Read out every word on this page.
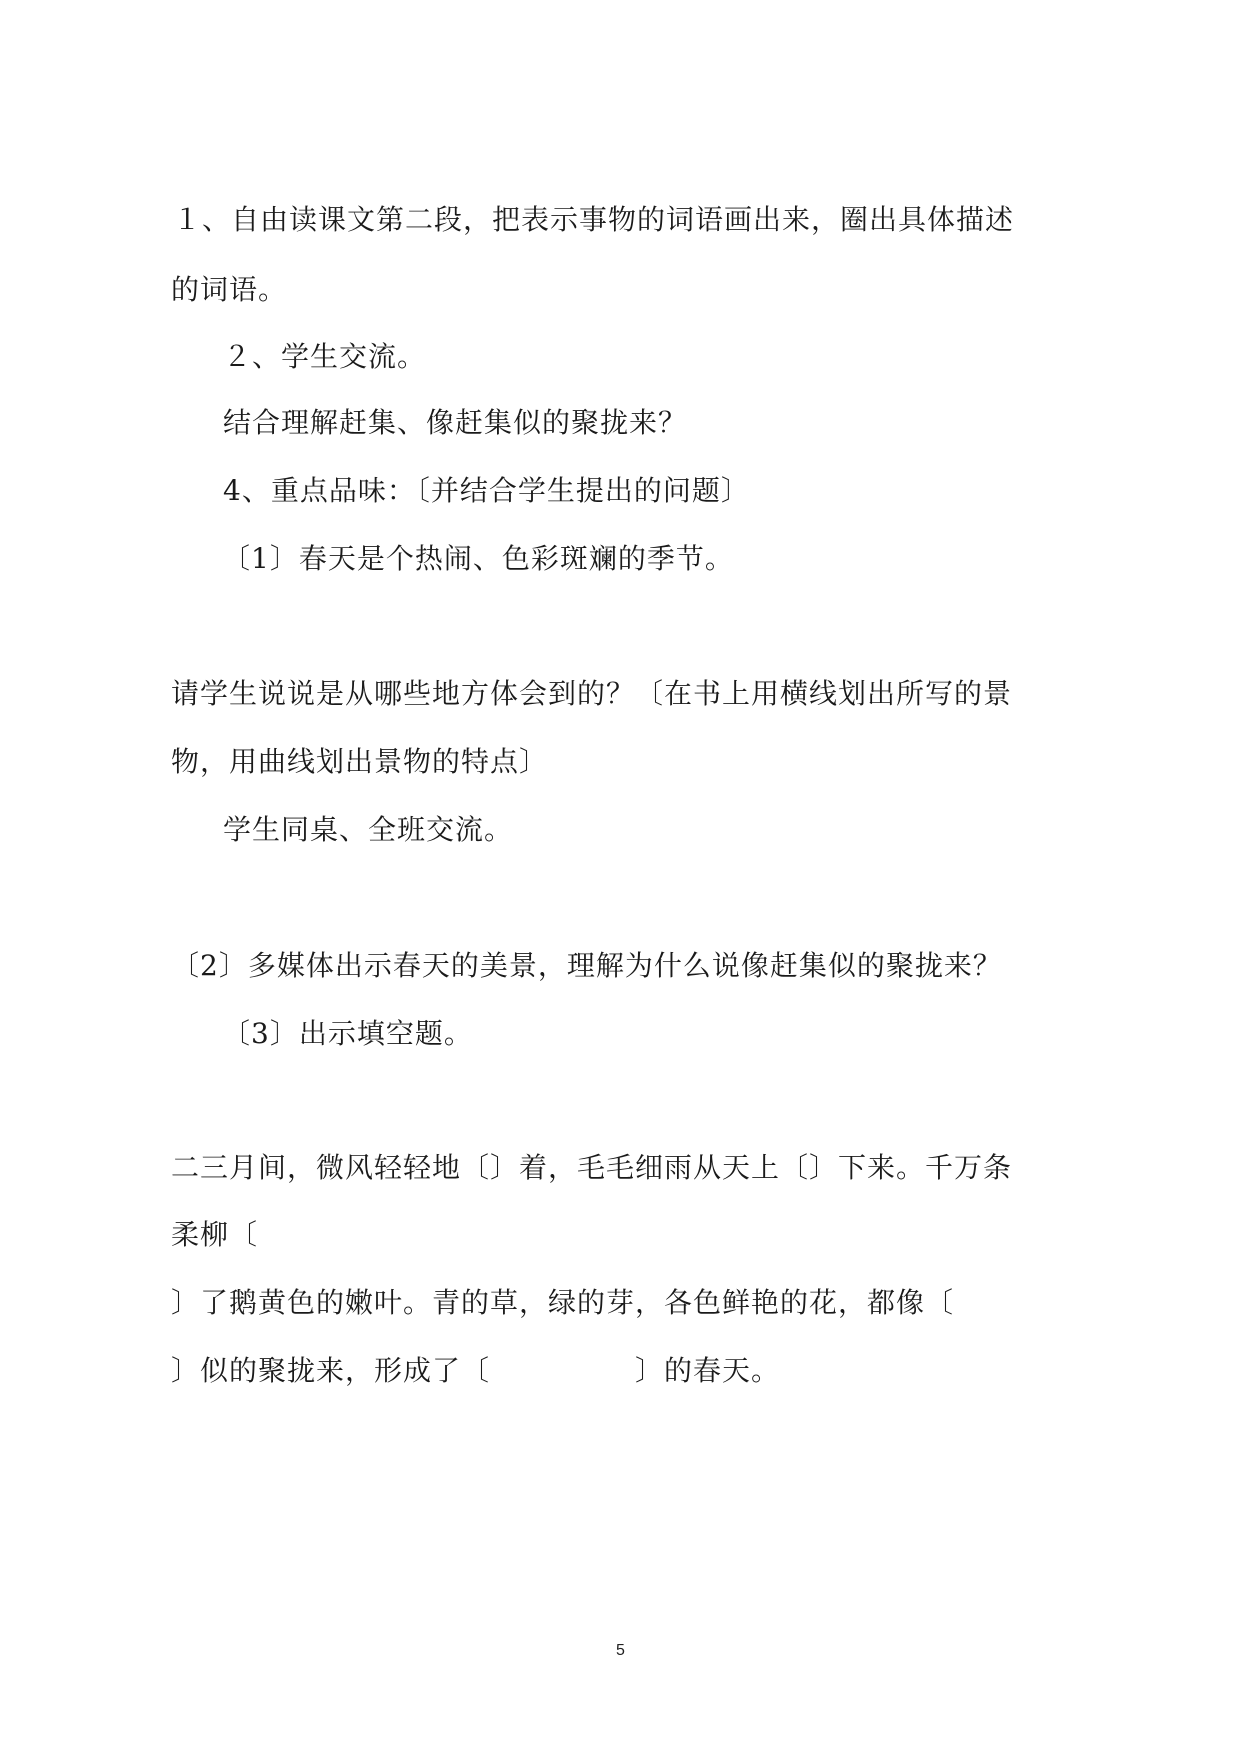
１、自由读课文第二段，把表示事物的词语画出来，圈出具体描述
的词语。
２、学生交流。
结合理解赶集、像赶集似的聚拢来？
4、重点品味：〔并结合学生提出的问题〕
〔1〕春天是个热闹、色彩斑斓的季节。
请学生说说是从哪些地方体会到的？〔在书上用横线划出所写的景
物，用曲线划出景物的特点〕
学生同桌、全班交流。
〔2〕多媒体出示春天的美景，理解为什么说像赶集似的聚拢来？
〔3〕出示填空题。
二三月间，微风轻轻地〔〕着，毛毛细雨从天上〔〕下来。千万条
柔柳〔
〕了鹅黄色的嫩叶。青的草，绿的芽，各色鲜艳的花，都像〔
〕似的聚拢来，形成了〔　　　　　〕的春天。
5
